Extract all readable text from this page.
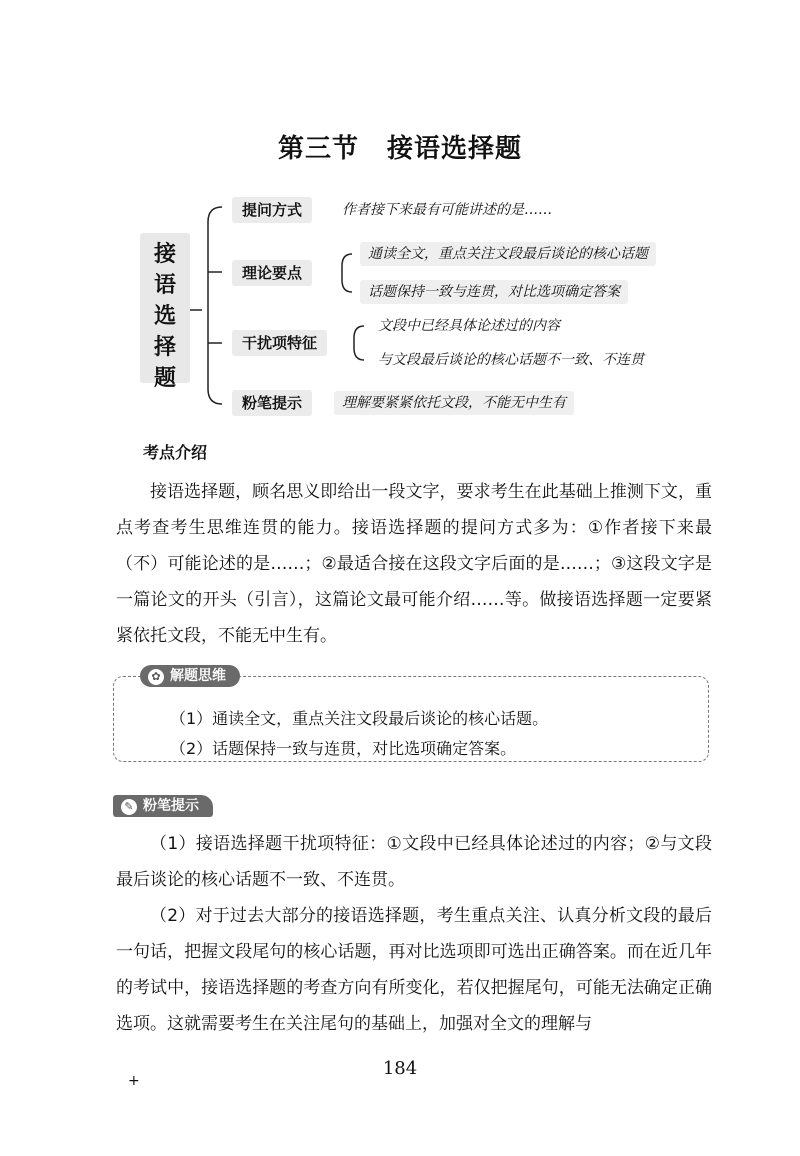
第三节 接语选择题
接
语
选
择
题
提问方式	作者接下来最有可能讲述的是……
理论要点
通读全文，重点关注文段最后谈论的核心话题
话题保持一致与连贯，对比选项确定答案
干扰项特征
文段中已经具体论述过的内容
与文段最后谈论的核心话题不一致、不连贯
粉笔提示	理解要紧紧依托文段，不能无中生有
考点介绍
接语选择题，顾名思义即给出一段文字，要求考生在此基础上推测下文，重点考查考生思维连贯的能力。接语选择题的提问方式多为：①作者接下来最（不）可能论述的是……；②最适合接在这段文字后面的是……；③这段文字是一篇论文的开头（引言），这篇论文最可能介绍……等。做接语选择题一定要紧紧依托文段，不能无中生有。
✿ 解题思维
（1）通读全文，重点关注文段最后谈论的核心话题。
（2）话题保持一致与连贯，对比选项确定答案。
✎ 粉笔提示
（1）接语选择题干扰项特征：①文段中已经具体论述过的内容；②与文段最后谈论的核心话题不一致、不连贯。
（2）对于过去大部分的接语选择题，考生重点关注、认真分析文段的最后一句话，把握文段尾句的核心话题，再对比选项即可选出正确答案。而在近几年的考试中，接语选择题的考查方向有所变化，若仅把握尾句，可能无法确定正确选项。这就需要考生在关注尾句的基础上，加强对全文的理解与
184
+
